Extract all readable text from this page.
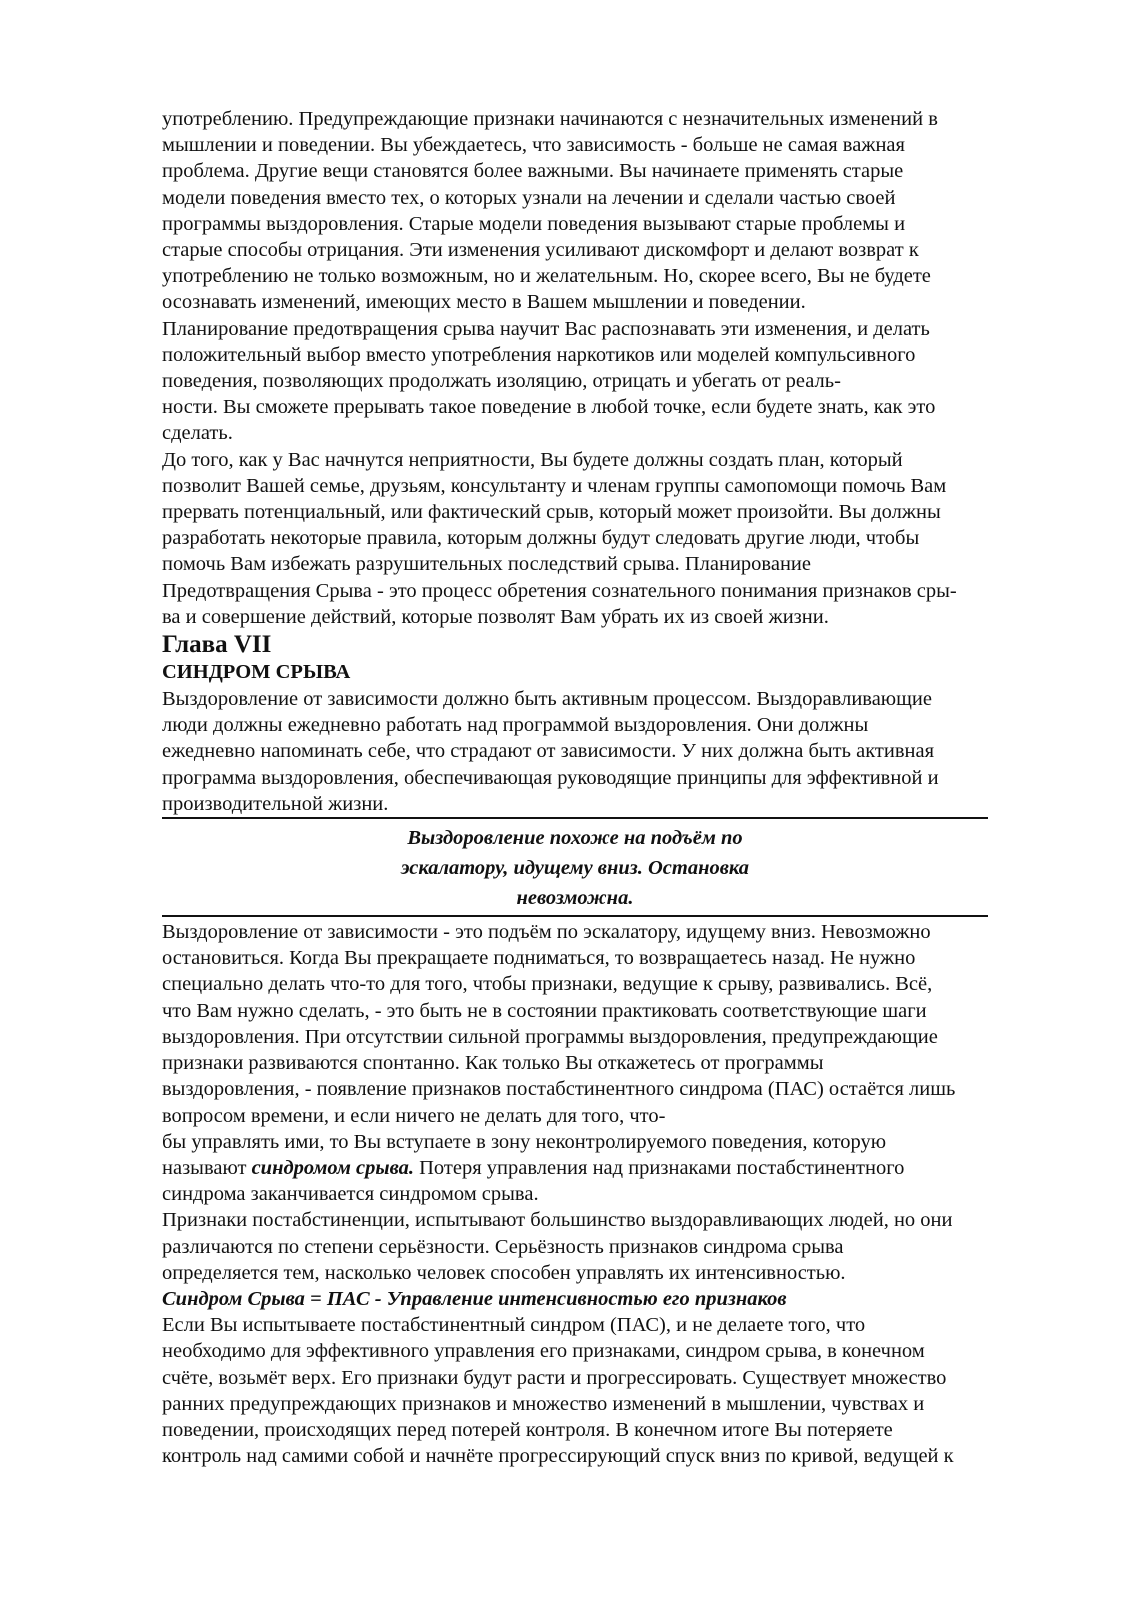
употреблению. Предупреждающие признаки начинаются с незначительных изменений в
мышлении и поведении. Вы убеждаетесь, что зависимость - больше не самая важная
проблема. Другие вещи становятся более важными. Вы начинаете применять старые
модели поведения вместо тех, о которых узнали на лечении и сделали частью своей
программы выздоровления. Старые модели поведения вызывают старые проблемы и
старые способы отрицания. Эти изменения усиливают дискомфорт и делают возврат к
употреблению не только возможным, но и желательным. Но, скорее всего, Вы не будете
осознавать изменений, имеющих место в Вашем мышлении и поведении.
Планирование предотвращения срыва научит Вас распознавать эти изменения, и делать
положительный выбор вместо употребления наркотиков или моделей компульсивного
поведения, позволяющих продолжать изоляцию, отрицать и убегать от реаль-
ности. Вы сможете прерывать такое поведение в любой точке, если будете знать, как это
сделать.
До того, как у Вас начнутся неприятности, Вы будете должны создать план, который
позволит Вашей семье, друзьям, консультанту и членам группы самопомощи помочь Вам
прервать потенциальный, или фактический срыв, который может произойти. Вы должны
разработать некоторые правила, которым должны будут следовать другие люди, чтобы
помочь Вам избежать разрушительных последствий срыва. Планирование
Предотвращения Срыва - это процесс обретения сознательного понимания признаков сры-
ва и совершение действий, которые позволят Вам убрать их из своей жизни.
Глава VII
СИНДРОМ СРЫВА
Выздоровление от зависимости должно быть активным процессом. Выздоравливающие
люди должны ежедневно работать над программой выздоровления. Они должны
ежедневно напоминать себе, что страдают от зависимости. У них должна быть активная
программа выздоровления, обеспечивающая руководящие принципы для эффективной и
производительной жизни.
Выздоровление похоже на подъём по
эскалатору, идущему вниз. Остановка
невозможна.
Выздоровление от зависимости - это подъём по эскалатору, идущему вниз. Невозможно
остановиться. Когда Вы прекращаете подниматься, то возвращаетесь назад. Не нужно
специально делать что-то для того, чтобы признаки, ведущие к срыву, развивались. Всё,
что Вам нужно сделать, - это быть не в состоянии практиковать соответствующие шаги
выздоровления. При отсутствии сильной программы выздоровления, предупреждающие
признаки развиваются спонтанно. Как только Вы откажетесь от программы
выздоровления, - появление признаков постабстинентного синдрома (ПАС) остаётся лишь
вопросом времени, и если ничего не делать для того, что-
бы управлять ими, то Вы вступаете в зону неконтролируемого поведения, которую
называют синдромом срыва. Потеря управления над признаками постабстинентного
синдрома заканчивается синдромом срыва.
Признаки постабстиненции, испытывают большинство выздоравливающих людей, но они
различаются по степени серьёзности. Серьёзность признаков синдрома срыва
определяется тем, насколько человек способен управлять их интенсивностью.
Синдром Срыва = ПАС - Управление интенсивностью его признаков
Если Вы испытываете постабстинентный синдром (ПАС), и не делаете того, что
необходимо для эффективного управления его признаками, синдром срыва, в конечном
счёте, возьмёт верх. Его признаки будут расти и прогрессировать. Существует множество
ранних предупреждающих признаков и множество изменений в мышлении, чувствах и
поведении, происходящих перед потерей контроля. В конечном итоге Вы потеряете
контроль над самими собой и начнёте прогрессирующий спуск вниз по кривой, ведущей к
